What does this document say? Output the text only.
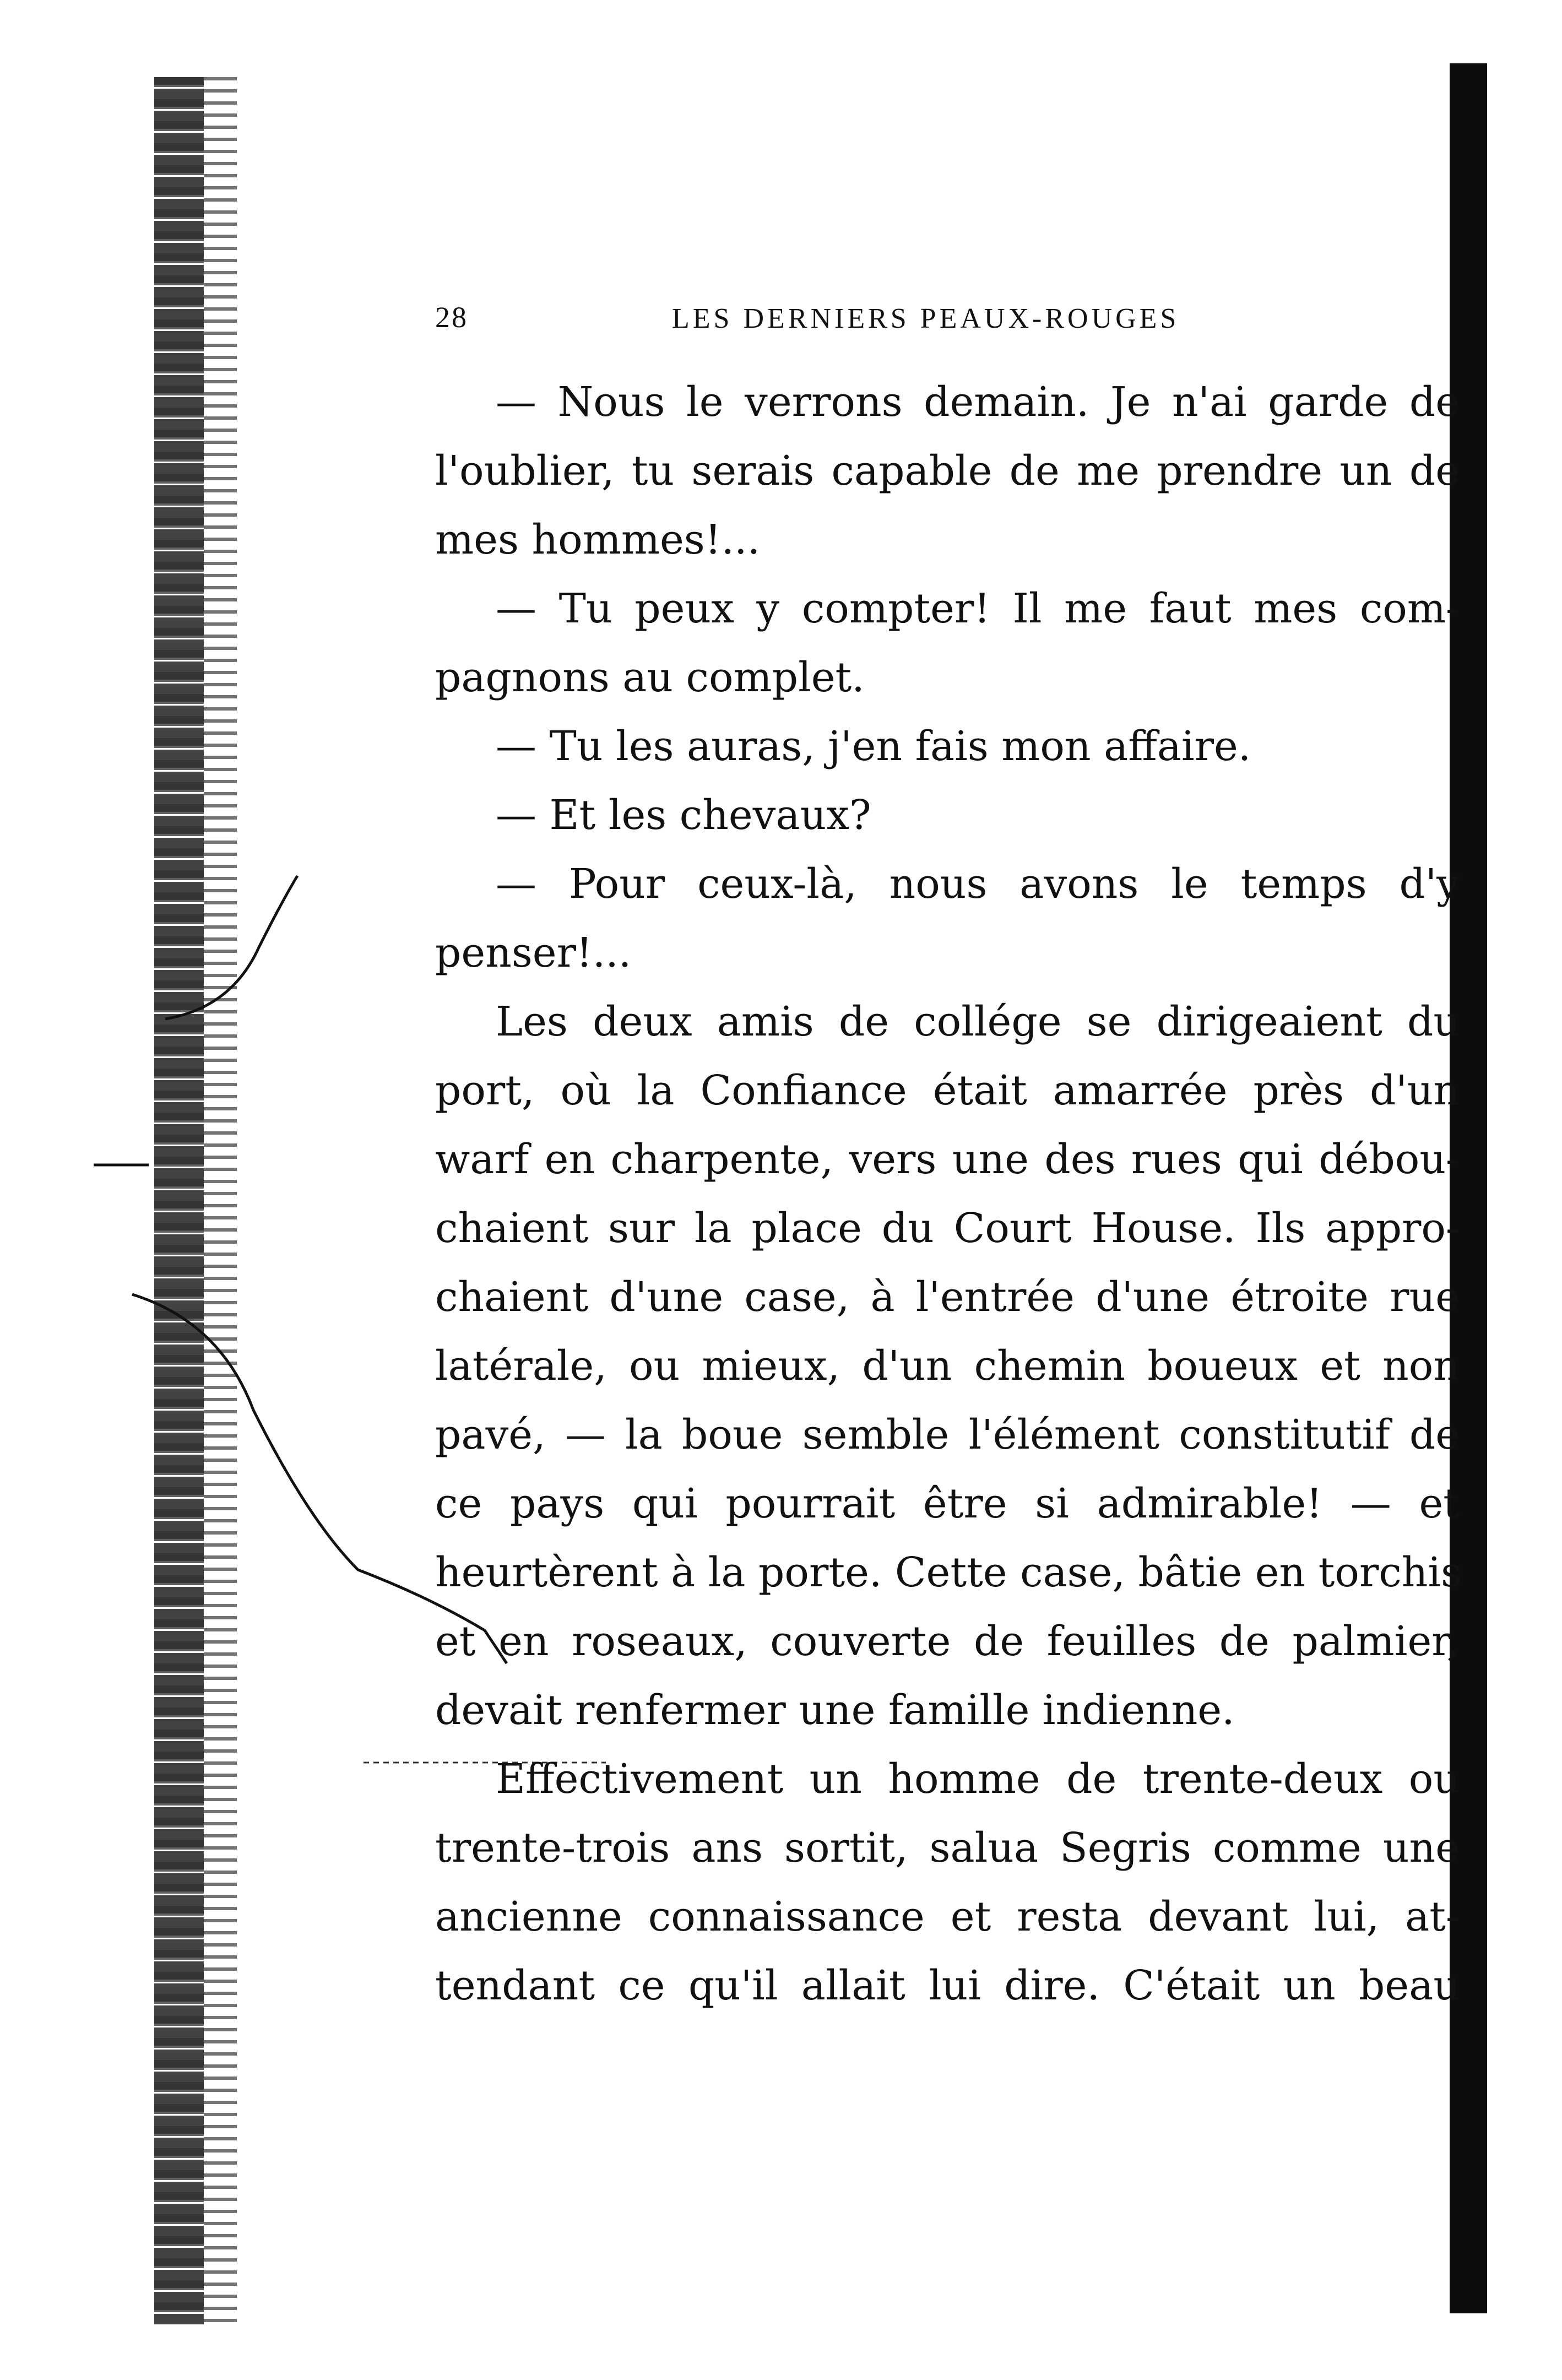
28	LES DERNIERS PEAUX-ROUGES
— Nous le verrons demain. Je n'ai garde de
l'oublier, tu serais capable de me prendre un de
mes hommes!...
— Tu peux y compter! Il me faut mes com-
pagnons au complet.
— Tu les auras, j'en fais mon affaire.
— Et les chevaux?
— Pour ceux-là, nous avons le temps d'y
penser!...
Les deux amis de collége se dirigeaient du
port, où la Confiance était amarrée près d'un
warf en charpente, vers une des rues qui débou-
chaient sur la place du Court House. Ils appro-
chaient d'une case, à l'entrée d'une étroite rue
latérale, ou mieux, d'un chemin boueux et non
pavé, — la boue semble l'élément constitutif de
ce pays qui pourrait être si admirable! — et
heurtèrent à la porte. Cette case, bâtie en torchis
et en roseaux, couverte de feuilles de palmier,
devait renfermer une famille indienne.
Effectivement un homme de trente-deux ou
trente-trois ans sortit, salua Segris comme une
ancienne connaissance et resta devant lui, at-
tendant ce qu'il allait lui dire. C'était un beau
